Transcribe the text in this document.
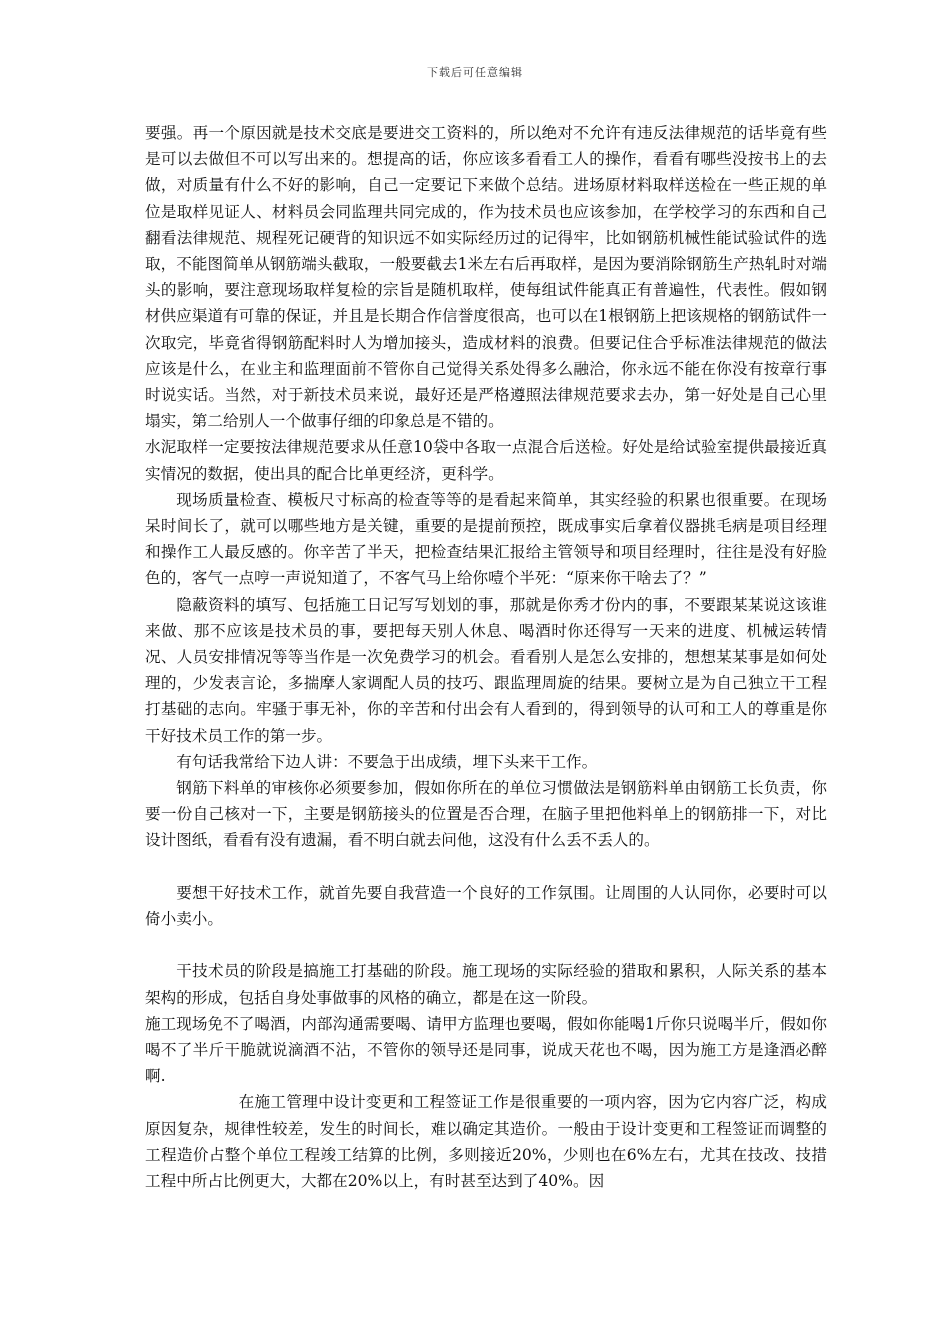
下载后可任意编辑

要强。再一个原因就是技术交底是要进交工资料的，所以绝对不允许有违反法律规范的话毕竟有些是可以去做但不可以写出来的。想提高的话，你应该多看看工人的操作，看看有哪些没按书上的去做，对质量有什么不好的影响，自己一定要记下来做个总结。进场原材料取样送检在一些正规的单位是取样见证人、材料员会同监理共同完成的，作为技术员也应该参加，在学校学习的东西和自己翻看法律规范、规程死记硬背的知识远不如实际经历过的记得牢，比如钢筋机械性能试验试件的选取，不能图简单从钢筋端头截取，一般要截去1米左右后再取样，是因为要消除钢筋生产热轧时对端头的影响，要注意现场取样复检的宗旨是随机取样，使每组试件能真正有普遍性，代表性。假如钢材供应渠道有可靠的保证，并且是长期合作信誉度很高，也可以在1根钢筋上把该规格的钢筋试件一次取完，毕竟省得钢筋配料时人为增加接头，造成材料的浪费。但要记住合乎标准法律规范的做法应该是什么，在业主和监理面前不管你自己觉得关系处得多么融洽，你永远不能在你没有按章行事时说实话。当然，对于新技术员来说，最好还是严格遵照法律规范要求去办，第一好处是自己心里塌实，第二给别人一个做事仔细的印象总是不错的。

水泥取样一定要按法律规范要求从任意10袋中各取一点混合后送检。好处是给试验室提供最接近真实情况的数据，使出具的配合比单更经济，更科学。

现场质量检查、模板尺寸标高的检查等等的是看起来简单，其实经验的积累也很重要。在现场呆时间长了，就可以哪些地方是关键，重要的是提前预控，既成事实后拿着仪器挑毛病是项目经理和操作工人最反感的。你辛苦了半天，把检查结果汇报给主管领导和项目经理时，往往是没有好脸色的，客气一点哼一声说知道了，不客气马上给你噎个半死：“原来你干啥去了？”

隐蔽资料的填写、包括施工日记写写划划的事，那就是你秀才份内的事，不要跟某某说这该谁来做、那不应该是技术员的事，要把每天别人休息、喝酒时你还得写一天来的进度、机械运转情况、人员安排情况等等当作是一次免费学习的机会。看看别人是怎么安排的，想想某某事是如何处理的，少发表言论，多揣摩人家调配人员的技巧、跟监理周旋的结果。要树立是为自己独立干工程打基础的志向。牢骚于事无补，你的辛苦和付出会有人看到的，得到领导的认可和工人的尊重是你干好技术员工作的第一步。

有句话我常给下边人讲：不要急于出成绩，埋下头来干工作。

钢筋下料单的审核你必须要参加，假如你所在的单位习惯做法是钢筋料单由钢筋工长负责，你要一份自己核对一下，主要是钢筋接头的位置是否合理，在脑子里把他料单上的钢筋排一下，对比设计图纸，看看有没有遗漏，看不明白就去问他，这没有什么丢不丢人的。

要想干好技术工作，就首先要自我营造一个良好的工作氛围。让周围的人认同你，必要时可以倚小卖小。

干技术员的阶段是搞施工打基础的阶段。施工现场的实际经验的猎取和累积，人际关系的基本架构的形成，包括自身处事做事的风格的确立，都是在这一阶段。

施工现场免不了喝酒，内部沟通需要喝、请甲方监理也要喝，假如你能喝1斤你只说喝半斤，假如你喝不了半斤干脆就说滴酒不沾，不管你的领导还是同事，说成天花也不喝，因为施工方是逢酒必醉啊.

在施工管理中设计变更和工程签证工作是很重要的一项内容，因为它内容广泛，构成原因复杂，规律性较差，发生的时间长，难以确定其造价。一般由于设计变更和工程签证而调整的工程造价占整个单位工程竣工结算的比例，多则接近20%，少则也在6%左右，尤其在技改、技措工程中所占比例更大，大都在20%以上，有时甚至达到了40%。因
